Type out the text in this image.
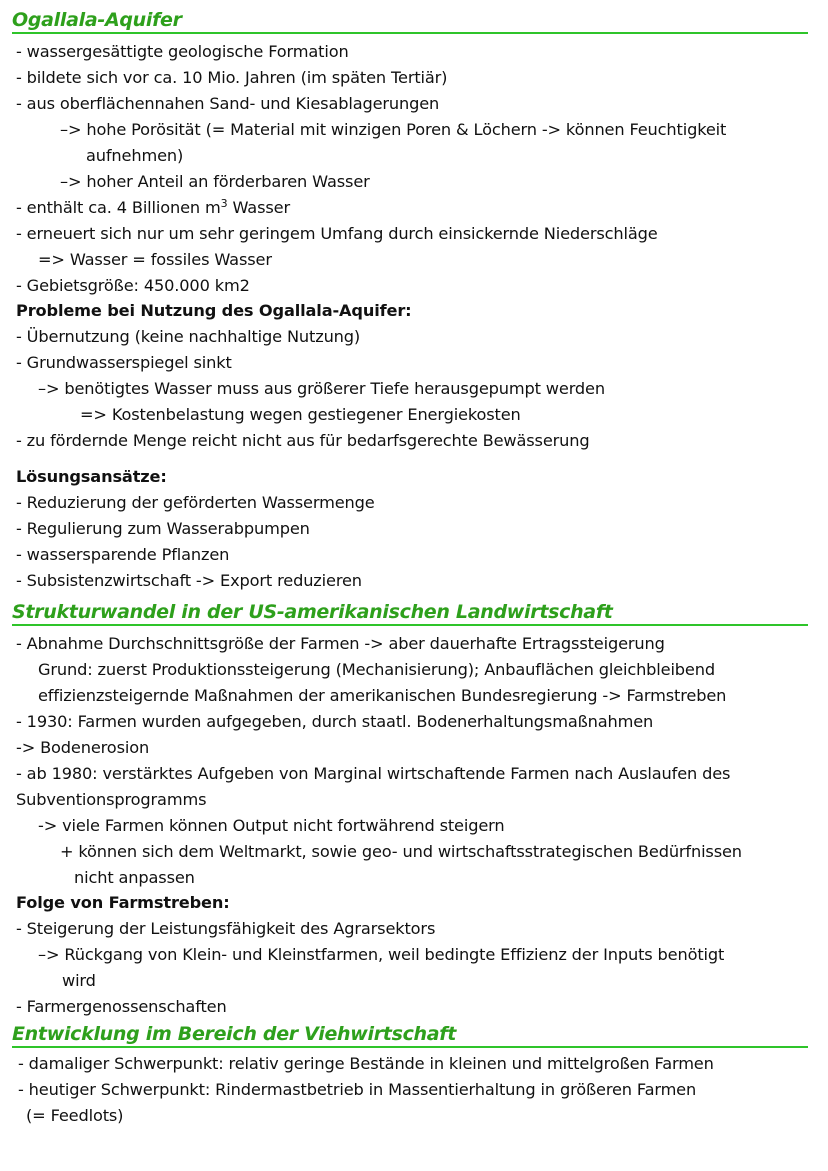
Ogallala-Aquifer
- wassergesättigte geologische Formation
- bildete sich vor ca. 10 Mio. Jahren (im späten Tertiär)
- aus oberflächennahen Sand- und Kiesablagerungen
–> hohe Porösität (= Material mit winzigen Poren & Löchern -> können Feuchtigkeit
aufnehmen)
–> hoher Anteil an förderbaren Wasser
- enthält ca. 4 Billionen $m^3$ Wasser
- erneuert sich nur um sehr geringem Umfang durch einsickernde Niederschläge
=> Wasser = fossiles Wasser
- Gebietsgröße: 450.000 km2
Probleme bei Nutzung des Ogallala-Aquifer:
- Übernutzung (keine nachhaltige Nutzung)
- Grundwasserspiegel sinkt
–> benötigtes Wasser muss aus größerer Tiefe herausgepumpt werden
=> Kostenbelastung wegen gestiegener Energiekosten
- zu fördernde Menge reicht nicht aus für bedarfsgerechte Bewässerung
Lösungsansätze:
- Reduzierung der geförderten Wassermenge
- Regulierung zum Wasserabpumpen
- wassersparende Pflanzen
- Subsistenzwirtschaft -> Export reduzieren
Strukturwandel in der US-amerikanischen Landwirtschaft
- Abnahme Durchschnittsgröße der Farmen -> aber dauerhafte Ertragssteigerung
Grund: zuerst Produktionssteigerung (Mechanisierung); Anbauflächen gleichbleibend
effizienzsteigernde Maßnahmen der amerikanischen Bundesregierung -> Farmstreben
- 1930: Farmen wurden aufgegeben, durch staatl. Bodenerhaltungsmaßnahmen
-> Bodenerosion
- ab 1980: verstärktes Aufgeben von Marginal wirtschaftende Farmen nach Auslaufen des
Subventionsprogramms
-> viele Farmen können Output nicht fortwährend steigern
+ können sich dem Weltmarkt, sowie geo- und wirtschaftsstrategischen Bedürfnissen
nicht anpassen
Folge von Farmstreben:
- Steigerung der Leistungsfähigkeit des Agrarsektors
–> Rückgang von Klein- und Kleinstfarmen, weil bedingte Effizienz der Inputs benötigt
wird
- Farmergenossenschaften
Entwicklung im Bereich der Viehwirtschaft
- damaliger Schwerpunkt: relativ geringe Bestände in kleinen und mittelgroßen Farmen
- heutiger Schwerpunkt: Rindermastbetrieb in Massentierhaltung in größeren Farmen
(= Feedlots)
